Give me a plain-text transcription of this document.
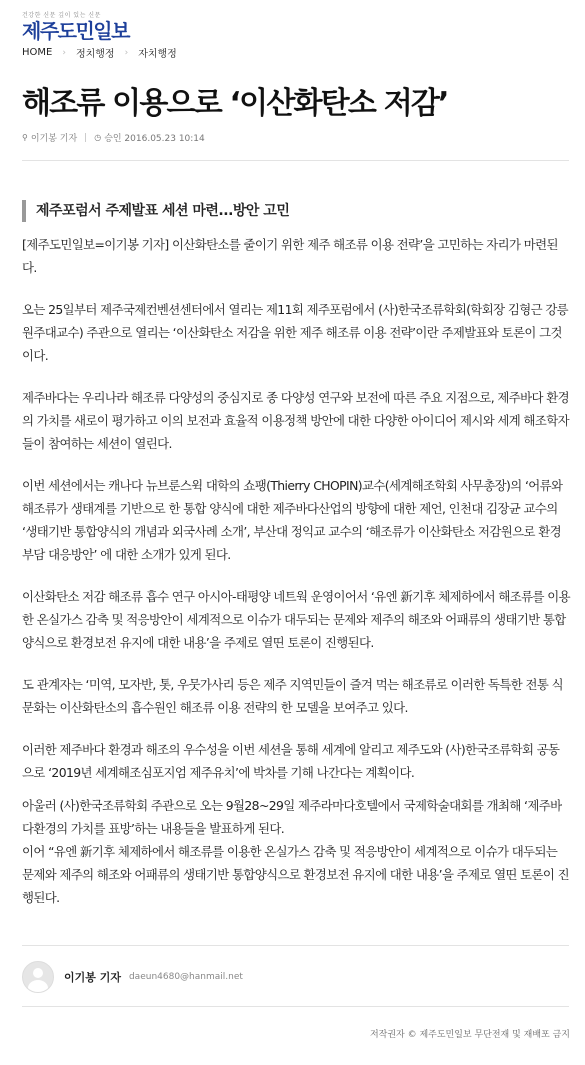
건강한 신문 깊이 있는 신문
제주도민일보
HOME › 정치행정 › 자치행정
해조류 이용으로 ‘이산화탄소 저감’
⚲ 이기봉 기자 ◷ 승인 2016.05.23 10:14
제주포럼서 주제발표 세션 마련...방안 고민

[제주도민일보=이기봉 기자] 이산화탄소를 줄이기 위한 제주 해조류 이용 전략’을 고민하는 자리가 마련된다.

오는 25일부터 제주국제컨벤션센터에서 열리는 제11회 제주포럼에서 (사)한국조류학회(학회장 김형근 강릉원주대교수) 주관으로 열리는 ‘이산화탄소 저감을 위한 제주 해조류 이용 전략’이란 주제발표와 토론이 그것이다.

제주바다는 우리나라 해조류 다양성의 중심지로 종 다양성 연구와 보전에 따른 주요 지점으로, 제주바다 환경의 가치를 새로이 평가하고 이의 보전과 효율적 이용정책 방안에 대한 다양한 아이디어 제시와 세계 해조학자들이 참여하는 세션이 열린다.

이번 세션에서는 캐나다 뉴브룬스윅 대학의 쇼팽(Thierry CHOPIN)교수(세계해조학회 사무총장)의 ‘어류와 해조류가 생태계를 기반으로 한 통합 양식에 대한 제주바다산업의 방향에 대한 제언, 인천대 김장균 교수의 ‘생태기반 통합양식의 개념과 외국사례 소개’, 부산대 정익교 교수의 ‘해조류가 이산화탄소 저감원으로 환경부담 대응방안’ 에 대한 소개가 있게 된다.

이산화탄소 저감 해조류 흡수 연구 아시아-태평양 네트웍 운영이어서 ‘유엔 新기후 체제하에서 해조류를 이용한 온실가스 감축 및 적응방안이 세계적으로 이슈가 대두되는 문제와 제주의 해조와 어패류의 생태기반 통합양식으로 환경보전 유지에 대한 내용’을 주제로 열띤 토론이 진행된다.

도 관계자는 ‘미역, 모자반, 톳, 우뭇가사리 등은 제주 지역민들이 즐겨 먹는 해조류로 이러한 독특한 전통 식문화는 이산화탄소의 흡수원인 해조류 이용 전략의 한 모델을 보여주고 있다.

이러한 제주바다 환경과 해조의 우수성을 이번 세션을 통해 세계에 알리고 제주도와 (사)한국조류학회 공동으로 ‘2019년 세계해조심포지엄 제주유치’에 박차를 기해 나간다는 계획이다.

아울러 (사)한국조류학회 주관으로 오는 9월28~29일 제주라마다호텔에서 국제학술대회를 개최해 ‘제주바다환경의 가치를 표방’하는 내용들을 발표하게 된다.

이어 “유엔 新기후 체제하에서 해조류를 이용한 온실가스 감축 및 적응방안이 세계적으로 이슈가 대두되는 문제와 제주의 해조와 어패류의 생태기반 통합양식으로 환경보전 유지에 대한 내용’을 주제로 열띤 토론이 진행된다.

이기봉 기자 daeun4680@hanmail.net
저작권자 © 제주도민일보 무단전재 및 재배포 금지
